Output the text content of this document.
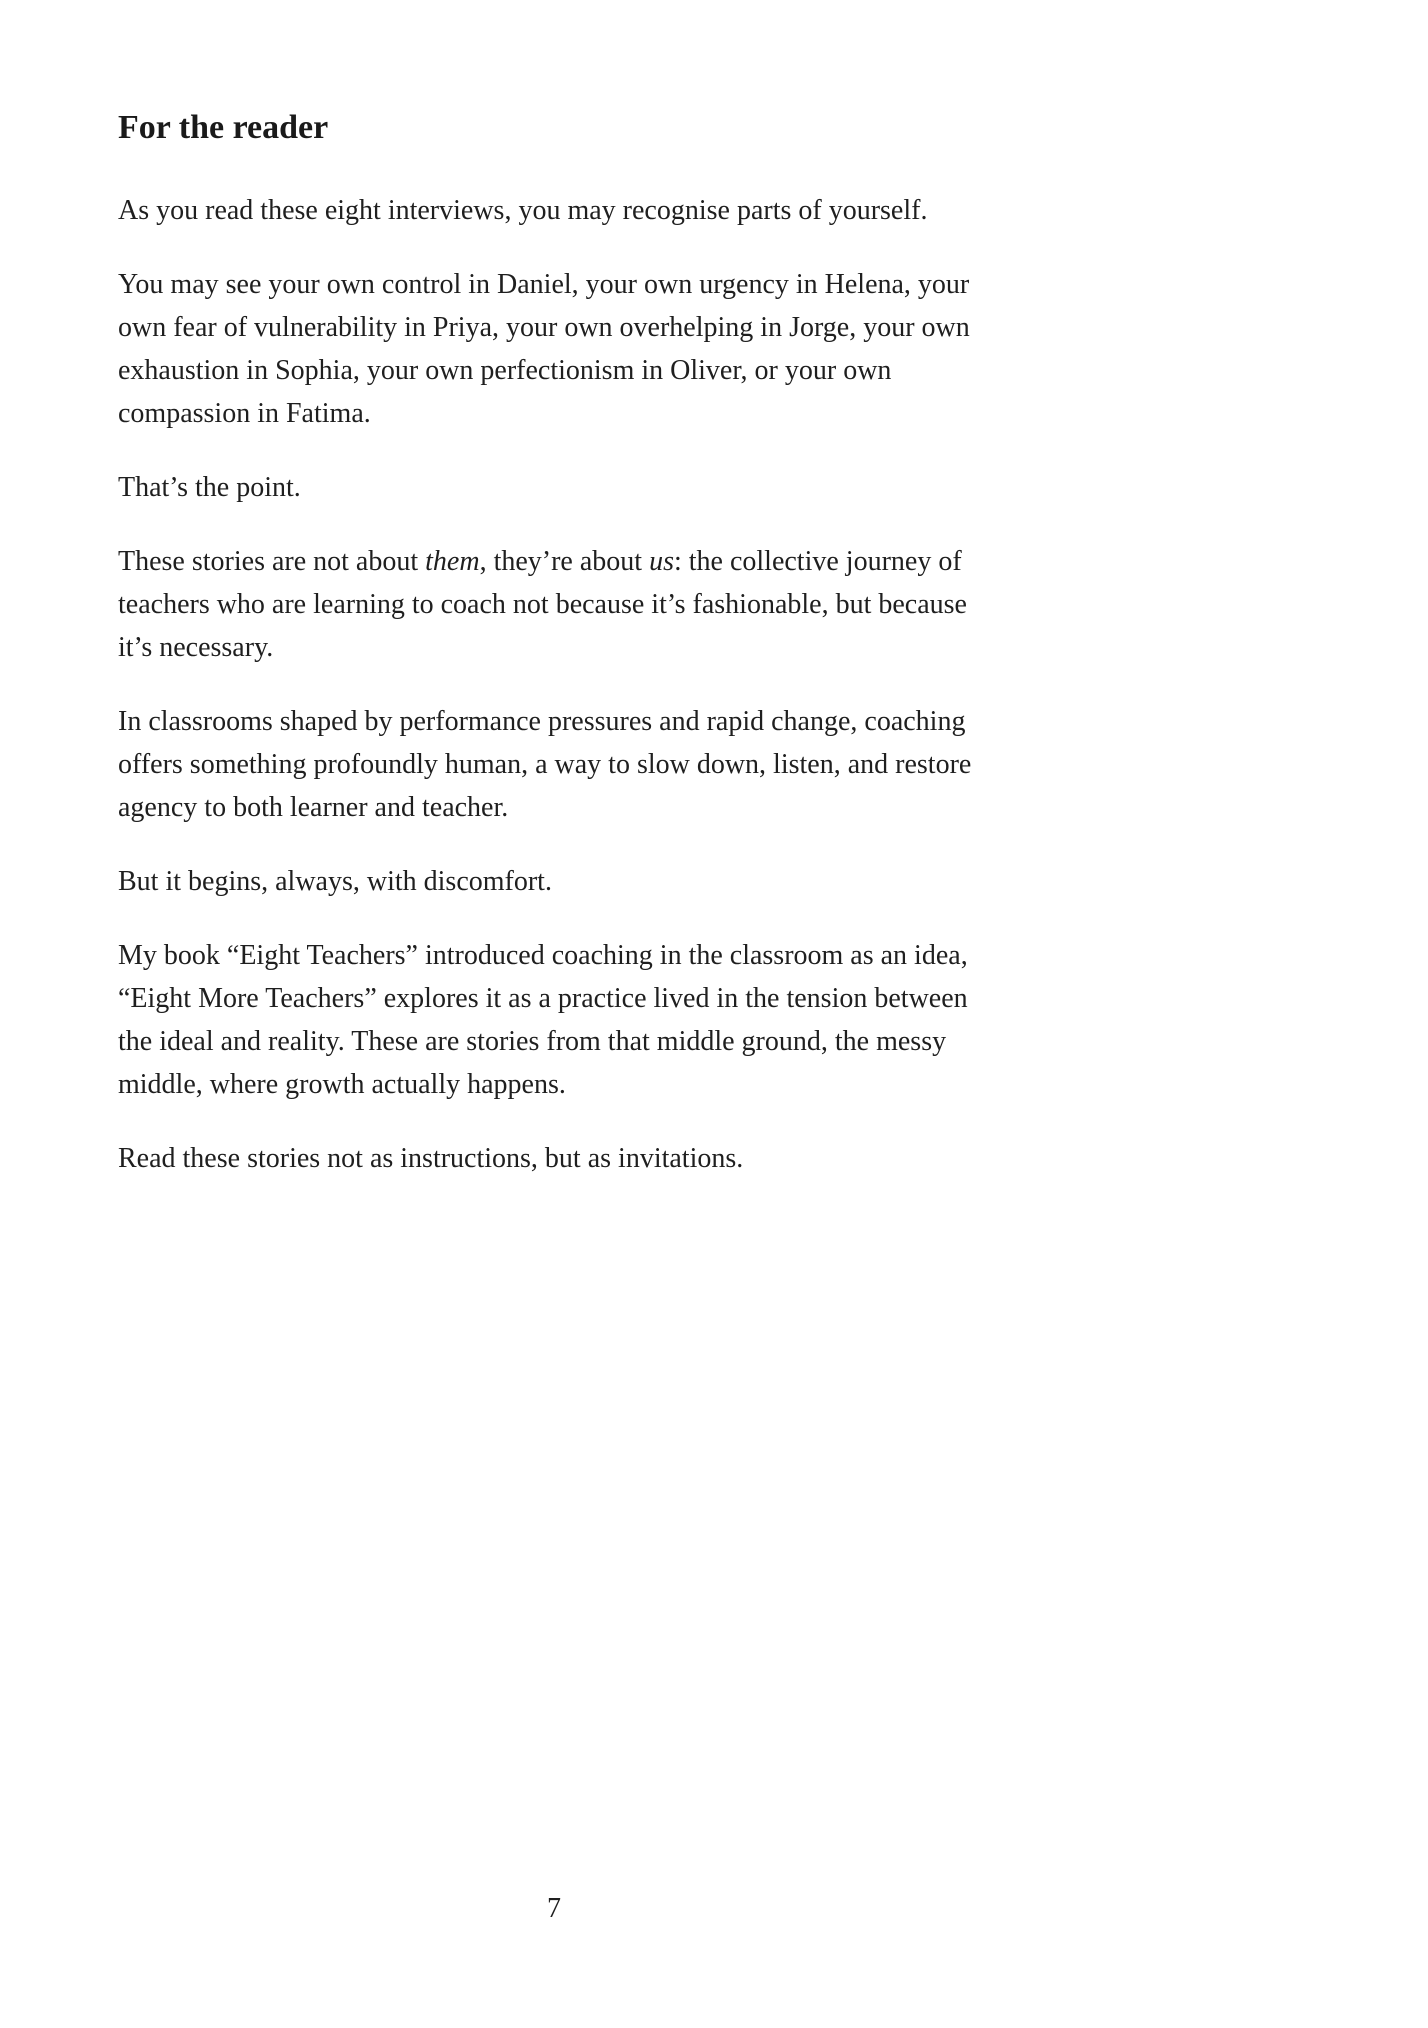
For the reader

As you read these eight interviews, you may recognise parts of yourself.

You may see your own control in Daniel, your own urgency in Helena, your own fear of vulnerability in Priya, your own overhelping in Jorge, your own exhaustion in Sophia, your own perfectionism in Oliver, or your own compassion in Fatima.

That’s the point.

These stories are not about them, they’re about us: the collective journey of teachers who are learning to coach not because it’s fashionable, but because it’s necessary.

In classrooms shaped by performance pressures and rapid change, coaching offers something profoundly human, a way to slow down, listen, and restore agency to both learner and teacher.

But it begins, always, with discomfort.

My book “Eight Teachers” introduced coaching in the classroom as an idea, “Eight More Teachers” explores it as a practice lived in the tension between the ideal and reality. These are stories from that middle ground, the messy middle, where growth actually happens.

Read these stories not as instructions, but as invitations.

7
